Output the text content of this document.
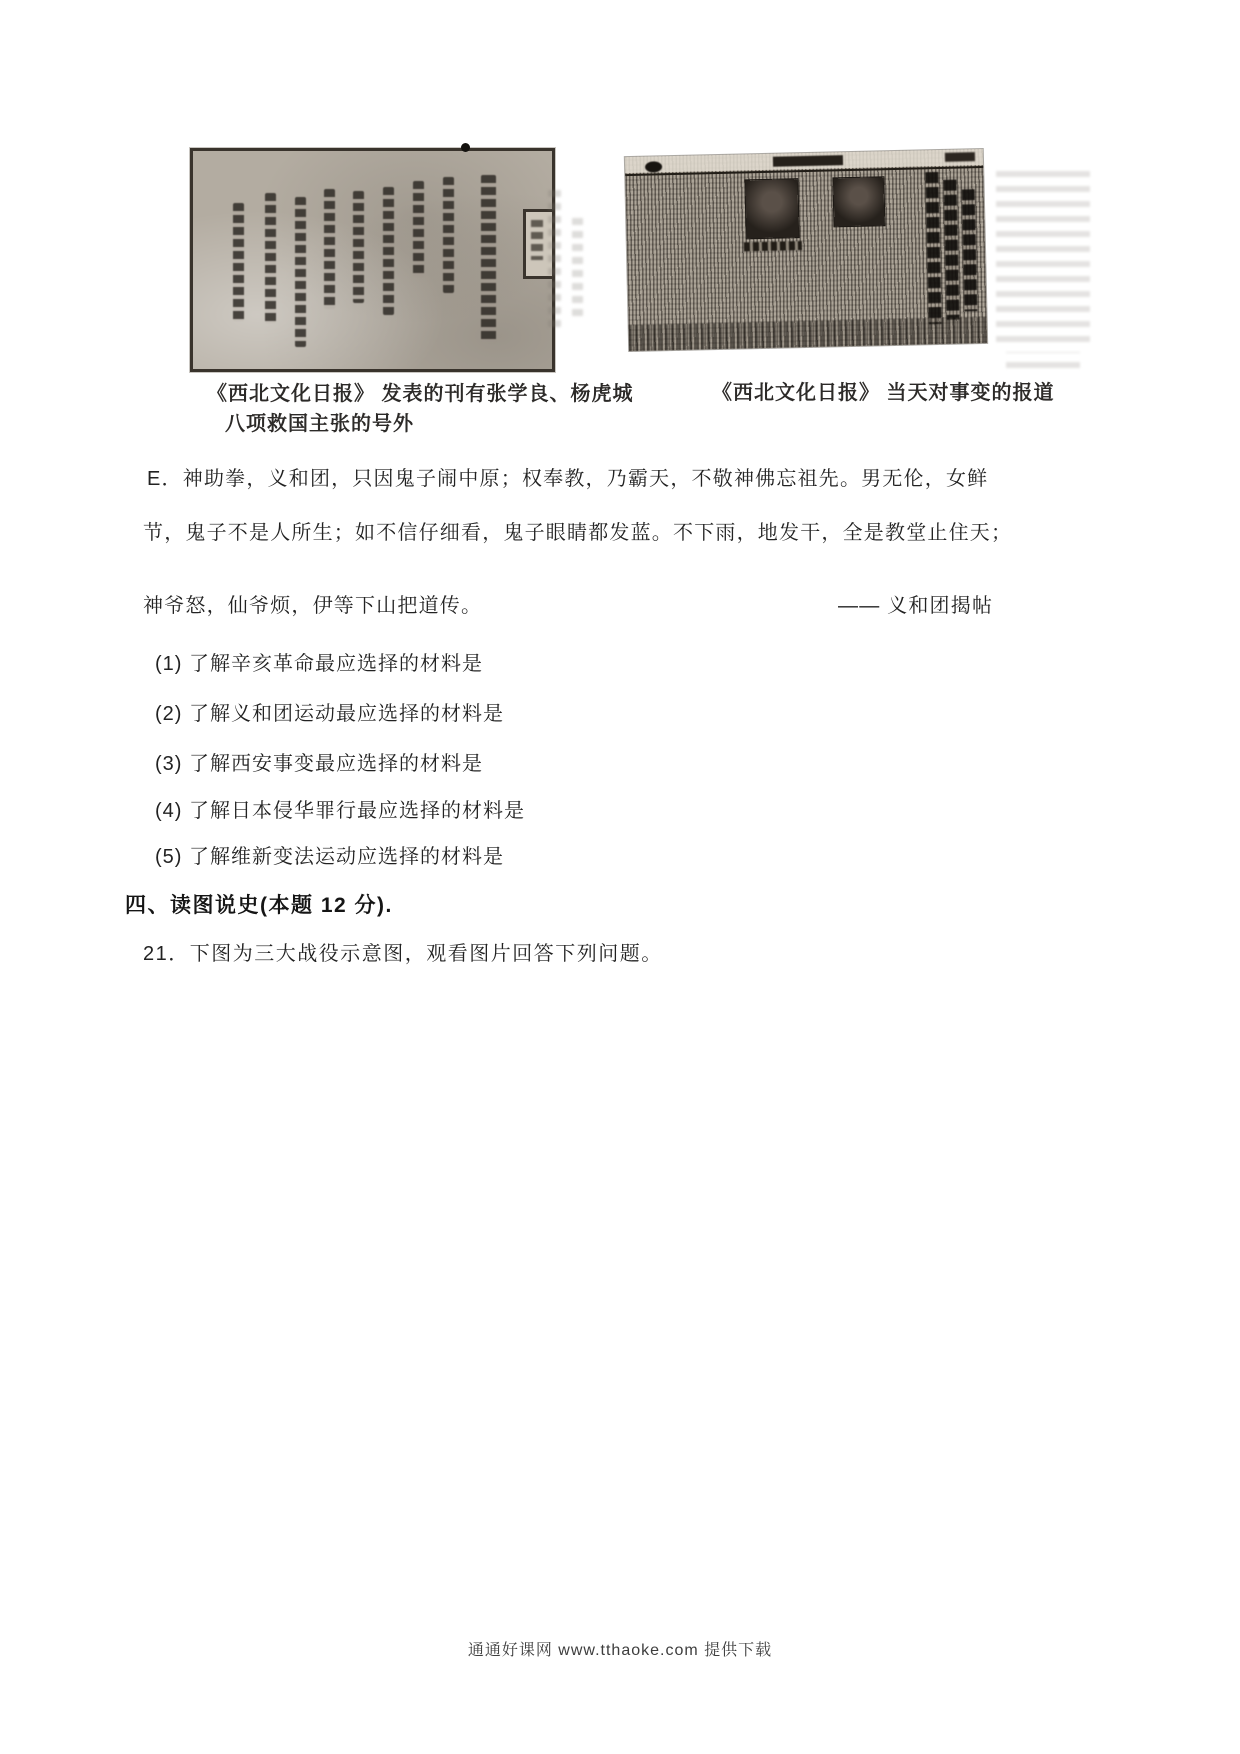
《西北文化日报》 发表的刊有张学良、杨虎城
八项救国主张的号外
《西北文化日报》 当天对事变的报道
E．神助拳，义和团，只因鬼子闹中原；权奉教，乃霸天，不敬神佛忘祖先。男无伦，女鲜
节，鬼子不是人所生；如不信仔细看，鬼子眼睛都发蓝。不下雨，地发干，全是教堂止住天；
神爷怒，仙爷烦，伊等下山把道传。	—— 义和团揭帖
(1) 了解辛亥革命最应选择的材料是
(2) 了解义和团运动最应选择的材料是
(3) 了解西安事变最应选择的材料是
(4) 了解日本侵华罪行最应选择的材料是
(5) 了解维新变法运动应选择的材料是
四、读图说史(本题 12 分).
21．下图为三大战役示意图，观看图片回答下列问题。
通通好课网 www.tthaoke.com 提供下载
